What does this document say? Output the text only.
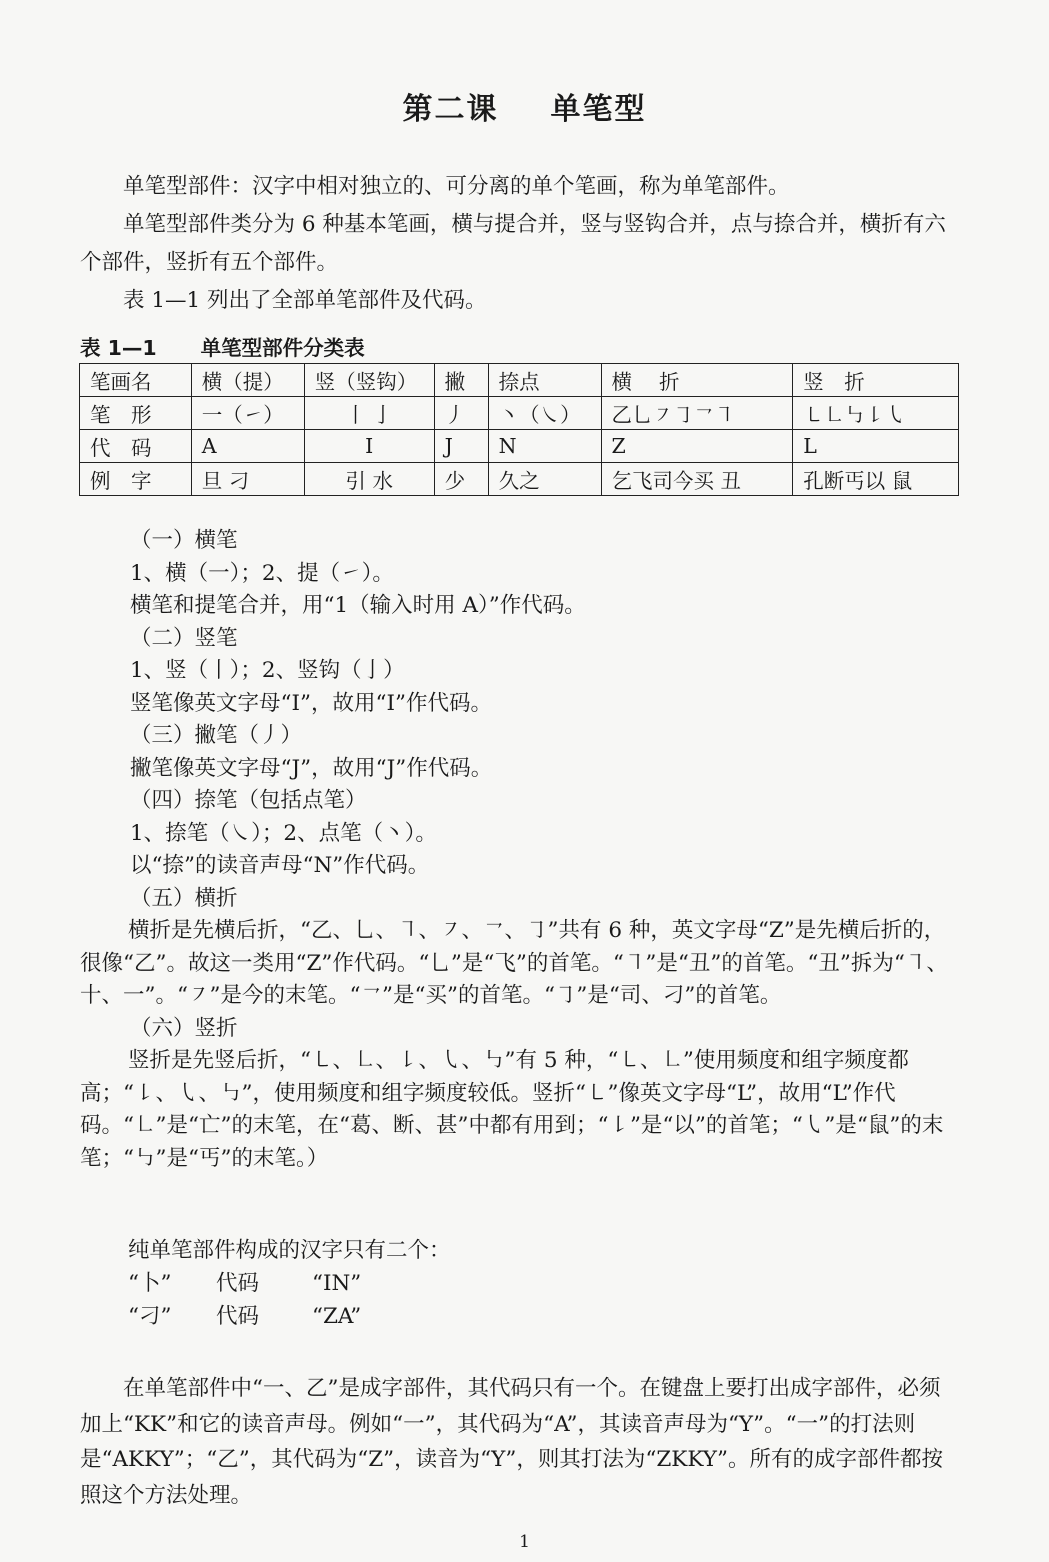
第二课 单笔型

单笔型部件：汉字中相对独立的、可分离的单个笔画，称为单笔部件。

单笔型部件类分为 6 种基本笔画，横与提合并，竖与竖钩合并，点与捺合并，横折有六个部件，竖折有五个部件。

表 1—1 列出了全部单笔部件及代码。

表 1—1 单笔型部件分类表
笔画名	横（提）	竖（竖钩）	撇	捺点	横　 折	竖　折
笔　形	一（㇀）	丨 亅	丿	丶（㇏）	乙乚㇇㇆㇖㇕	㇄㇗㇉㇙㇂
代　码	A	I	J	N	Z	L
例　字	旦 刁	引 水	少	久之	乞飞司今买 丑	孔断丐以 鼠
（一）横笔
1、横（一）；2、提（㇀）。
横笔和提笔合并，用“1（输入时用 A）”作代码。
（二）竖笔
1、竖（丨）；2、竖钩（亅）
竖笔像英文字母“I”，故用“I”作代码。
（三）撇笔（丿）
撇笔像英文字母“J”，故用“J”作代码。
（四）捺笔（包括点笔）
1、捺笔（㇏）；2、点笔（丶）。
以“捺”的读音声母“N”作代码。
（五）横折

横折是先横后折，“乙、乚、㇕、㇇、㇖、㇆”共有 6 种，英文字母“Z”是先横后折的，很像“乙”。故这一类用“Z”作代码。“乚”是“飞”的首笔。“㇕”是“丑”的首笔。“丑”拆为“㇕、十、一”。“㇇”是今的末笔。“㇖”是“买”的首笔。“㇆”是“司、刁”的首笔。

（六）竖折

竖折是先竖后折，“㇄、㇗、㇙、㇂、㇉”有 5 种，“㇄、㇗”使用频度和组字频度都高；“㇙、㇂、㇉”，使用频度和组字频度较低。竖折“㇄”像英文字母“L”，故用“L”作代码。“㇗”是“亡”的末笔，在“葛、断、甚”中都有用到；“㇙”是“以”的首笔；“㇂”是“鼠”的末笔；“㇉”是“丐”的末笔。）

纯单笔部件构成的汉字只有二个：
“卜” 代码 “IN”
“刁” 代码 “ZA”

在单笔部件中“一、乙”是成字部件，其代码只有一个。在键盘上要打出成字部件，必须加上“KK”和它的读音声母。例如“一”，其代码为“A”，其读音声母为“Y”。“一”的打法则是“AKKY”；“乙”，其代码为“Z”，读音为“Y”，则其打法为“ZKKY”。所有的成字部件都按照这个方法处理。

1
